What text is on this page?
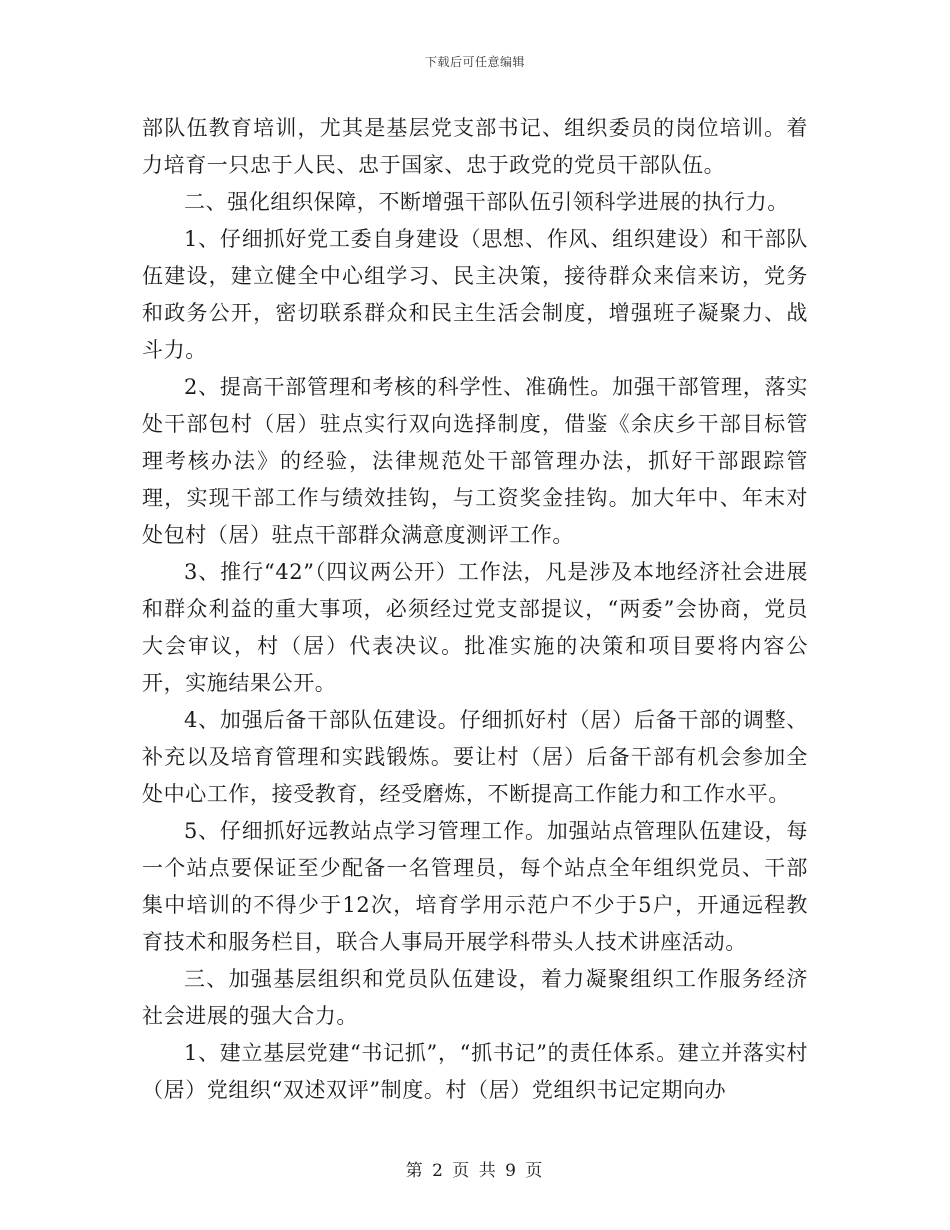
下载后可任意编辑

部队伍教育培训，尤其是基层党支部书记、组织委员的岗位培训。着力培育一只忠于人民、忠于国家、忠于政党的党员干部队伍。

二、强化组织保障，不断增强干部队伍引领科学进展的执行力。

1、仔细抓好党工委自身建设（思想、作风、组织建设）和干部队伍建设，建立健全中心组学习、民主决策，接待群众来信来访，党务和政务公开，密切联系群众和民主生活会制度，增强班子凝聚力、战斗力。

2、提高干部管理和考核的科学性、准确性。加强干部管理，落实处干部包村（居）驻点实行双向选择制度，借鉴《余庆乡干部目标管理考核办法》的经验，法律规范处干部管理办法，抓好干部跟踪管理，实现干部工作与绩效挂钩，与工资奖金挂钩。加大年中、年末对处包村（居）驻点干部群众满意度测评工作。

3、推行“42”（四议两公开）工作法，凡是涉及本地经济社会进展和群众利益的重大事项，必须经过党支部提议，“两委”会协商，党员大会审议，村（居）代表决议。批准实施的决策和项目要将内容公开，实施结果公开。

4、加强后备干部队伍建设。仔细抓好村（居）后备干部的调整、补充以及培育管理和实践锻炼。要让村（居）后备干部有机会参加全处中心工作，接受教育，经受磨炼，不断提高工作能力和工作水平。

5、仔细抓好远教站点学习管理工作。加强站点管理队伍建设，每一个站点要保证至少配备一名管理员，每个站点全年组织党员、干部集中培训的不得少于12次，培育学用示范户不少于5户，开通远程教育技术和服务栏目，联合人事局开展学科带头人技术讲座活动。

三、加强基层组织和党员队伍建设，着力凝聚组织工作服务经济社会进展的强大合力。

1、建立基层党建“书记抓”，“抓书记”的责任体系。建立并落实村（居）党组织“双述双评”制度。村（居）党组织书记定期向办

第 2 页 共 9 页
